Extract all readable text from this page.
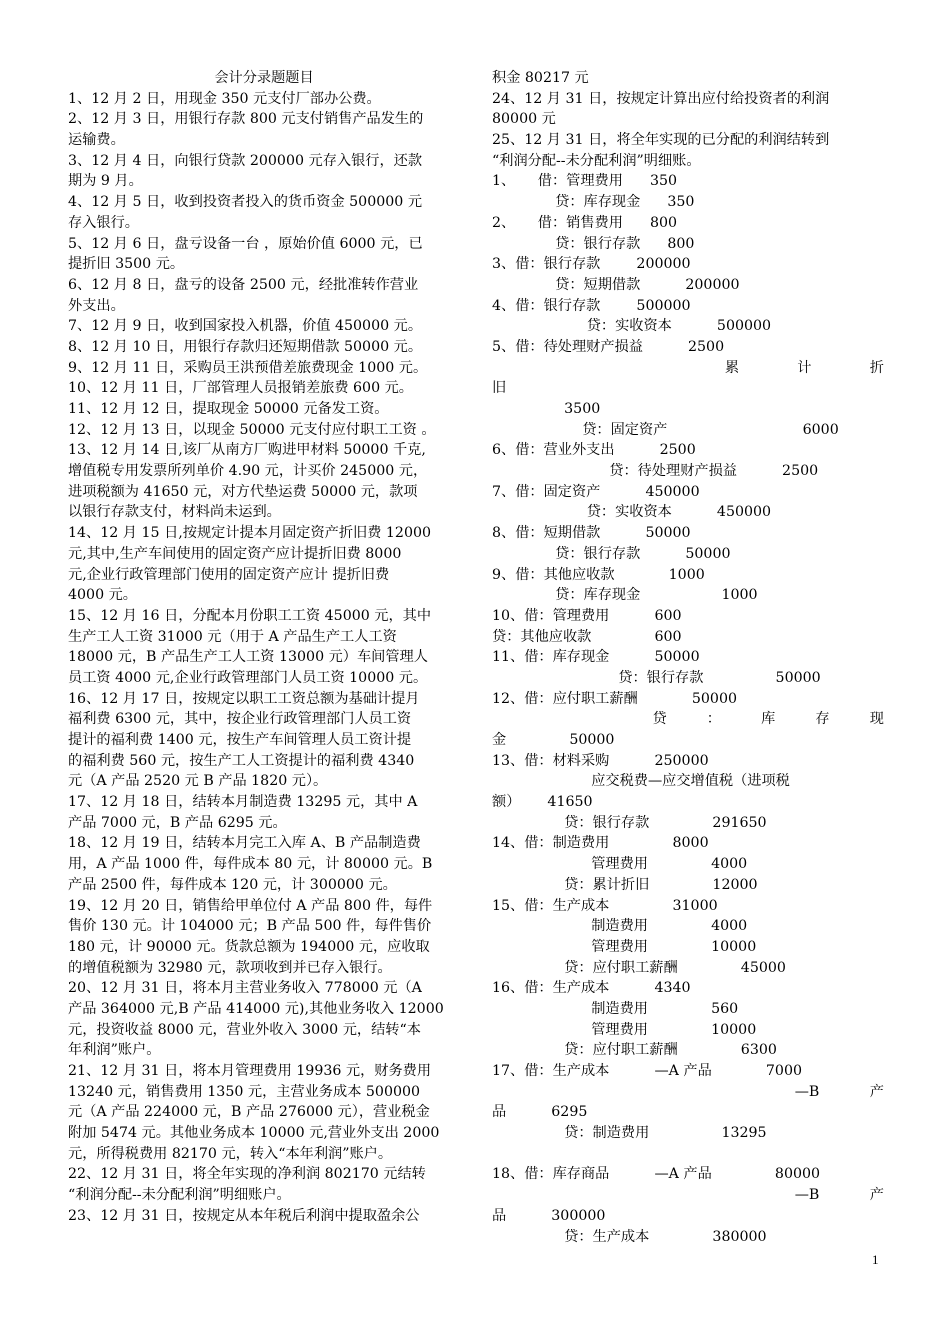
会计分录题题目
1、12 月 2 日，用现金 350 元支付厂部办公费。
2、12 月 3 日，用银行存款 800 元支付销售产品发生的
运输费。
3、12 月 4 日，向银行贷款 200000 元存入银行，还款
期为 9 月。
4、12 月 5 日，收到投资者投入的货币资金 500000 元
存入银行。
5、12 月 6 日，盘亏设备一台 ，原始价值 6000 元，已
提折旧 3500 元。
6、12 月 8 日，盘亏的设备 2500 元，经批准转作营业
外支出。
7、12 月 9 日，收到国家投入机器，价值 450000 元。
8、12 月 10 日，用银行存款归还短期借款 50000 元。
9、12 月 11 日，采购员王洪预借差旅费现金 1000 元。
10、12 月 11 日，厂部管理人员报销差旅费 600 元。
11、12 月 12 日，提取现金 50000 元备发工资。
12、12 月 13 日，以现金 50000 元支付应付职工工资 。
13、12 月 14 日,该厂从南方厂购进甲材料 50000 千克,
增值税专用发票所列单价 4.90 元，计买价 245000 元，
进项税额为 41650 元，对方代垫运费 50000 元，款项
以银行存款支付，材料尚未运到。
14、12 月 15 日,按规定计提本月固定资产折旧费 12000
元,其中,生产车间使用的固定资产应计提折旧费 8000
元,企业行政管理部门使用的固定资产应计 提折旧费
4000 元。
15、12 月 16 日，分配本月份职工工资 45000 元，其中
生产工人工资 31000 元（用于 A 产品生产工人工资
18000 元，B 产品生产工人工资 13000 元）车间管理人
员工资 4000 元,企业行政管理部门人员工资 10000 元。
16、12 月 17 日，按规定以职工工资总额为基础计提月
福利费 6300 元，其中，按企业行政管理部门人员工资
提计的福利费 1400 元，按生产车间管理人员工资计提
的福利费 560 元，按生产工人工资提计的福利费 4340
元（A 产品 2520 元 B 产品 1820 元）。
17、12 月 18 日，结转本月制造费 13295 元，其中 A
产品 7000 元，B 产品 6295 元。
18、12 月 19 日，结转本月完工入库 A、B 产品制造费
用，A 产品 1000 件，每件成本 80 元，计 80000 元。B
产品 2500 件，每件成本 120 元，计 300000 元。
19、12 月 20 日，销售给甲单位付 A 产品 800 件，每件
售价 130 元。计 104000 元；B 产品 500 件，每件售价
180 元，计 90000 元。货款总额为 194000 元，应收取
的增值税额为 32980 元，款项收到并已存入银行。
20、12 月 31 日，将本月主营业务收入 778000 元（A
产品 364000 元,B 产品 414000 元),其他业务收入 12000
元，投资收益 8000 元，营业外收入 3000 元，结转“本
年利润”账户。
21、12 月 31 日，将本月管理费用 19936 元，财务费用
13240 元，销售费用 1350 元，主营业务成本 500000
元（A 产品 224000 元，B 产品 276000 元），营业税金
附加 5474 元。其他业务成本 10000 元,营业外支出 2000
元，所得税费用 82170 元，转入“本年利润”账户。
22、12 月 31 日，将全年实现的净利润 802170 元结转
“利润分配--未分配利润”明细账户。
23、12 月 31 日，按规定从本年税后利润中提取盈余公
积金 80217 元
24、12 月 31 日，按规定计算出应付给投资者的利润
80000 元
25、12 月 31 日，将全年实现的已分配的利润结转到
“利润分配--未分配利润”明细账。
1、     借：管理费用      350
贷：库存现金      350
2、     借：销售费用      800
贷：银行存款      800
3、借：银行存款        200000
贷：短期借款          200000
4、借：银行存款        500000
贷：实收资本          500000
5、借：待处理财产损益          2500
累	计	折
旧
3500
贷：固定资产                              6000
6、借：营业外支出          2500
贷：待处理财产损益          2500
7、借：固定资产          450000
贷：实收资本          450000
8、借：短期借款          50000
贷：银行存款          50000
9、借：其他应收款            1000
贷：库存现金                  1000
10、借：管理费用          600
贷：其他应收款              600
11、借：库存现金          50000
贷：银行存款                50000
12、借：应付职工薪酬            50000
贷	：	库	存	现
金              50000
13、借：材料采购          250000
应交税费—应交增值税（进项税
额）      41650
贷：银行存款              291650
14、借：制造费用              8000
管理费用              4000
贷：累计折旧              12000
15、借：生产成本              31000
制造费用              4000
管理费用              10000
贷：应付职工薪酬              45000
16、借：生产成本          4340
制造费用              560
管理费用              10000
贷：应付职工薪酬              6300
17、借：生产成本          —A 产品            7000
—B	产
品          6295
贷：制造费用                13295
18、借：库存商品          —A 产品              80000
—B	产
品          300000
贷：生产成本              380000
1
